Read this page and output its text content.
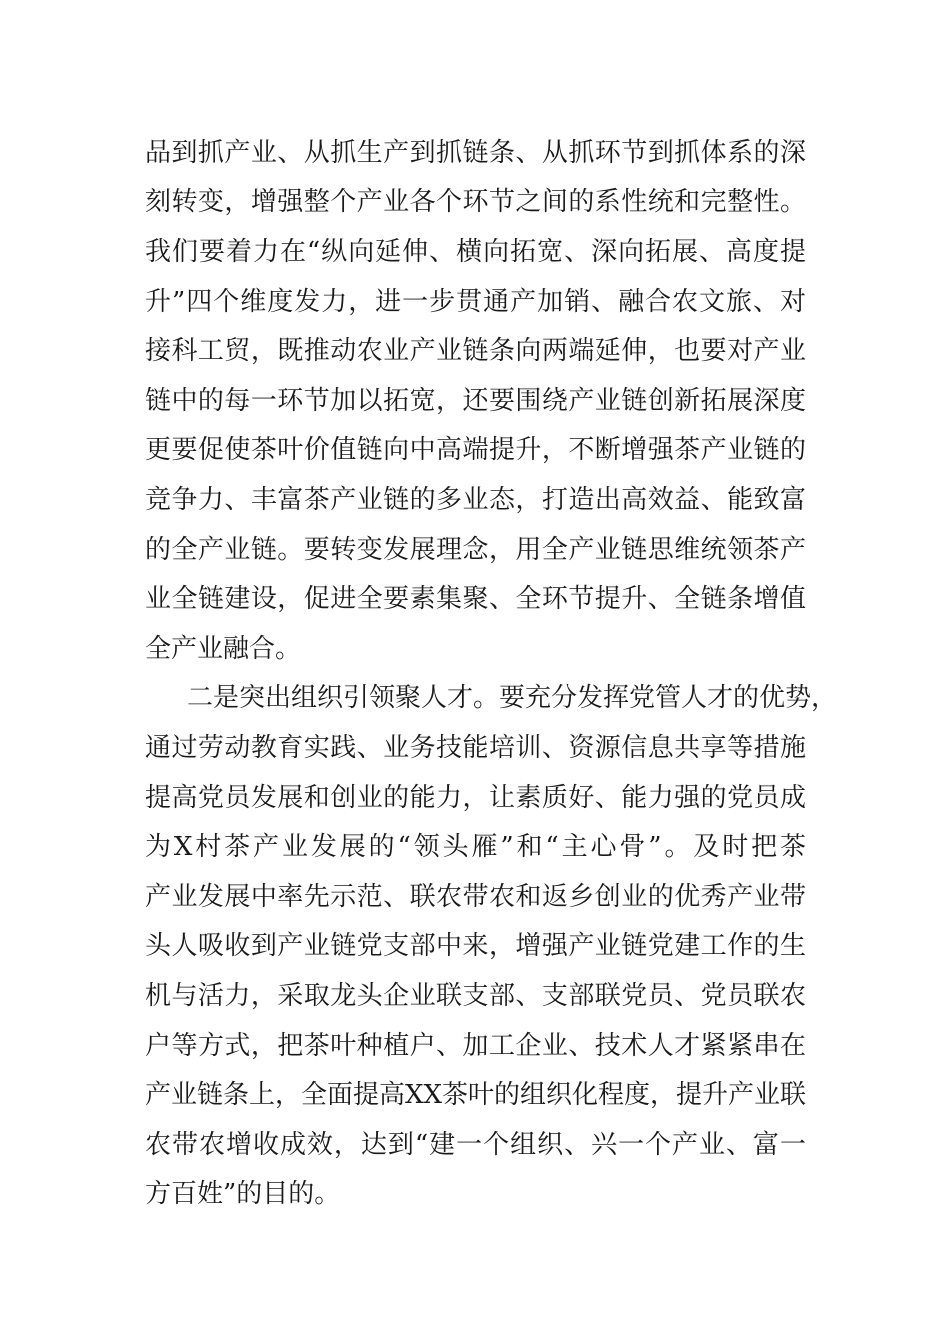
品到抓产业、从抓生产到抓链条、从抓环节到抓体系的深
刻转变，增强整个产业各个环节之间的系性统和完整性。
我们要着力在“纵向延伸、横向拓宽、深向拓展、高度提
升”四个维度发力，进一步贯通产加销、融合农文旅、对
接科工贸，既推动农业产业链条向两端延伸，也要对产业
链中的每一环节加以拓宽，还要围绕产业链创新拓展深度
更要促使茶叶价值链向中高端提升，不断增强茶产业链的
竞争力、丰富茶产业链的多业态，打造出高效益、能致富
的全产业链。要转变发展理念，用全产业链思维统领茶产
业全链建设，促进全要素集聚、全环节提升、全链条增值
全产业融合。
二是突出组织引领聚人才。要充分发挥党管人才的优势，
通过劳动教育实践、业务技能培训、资源信息共享等措施
提高党员发展和创业的能力，让素质好、能力强的党员成
为X村茶产业发展的“领头雁”和“主心骨”。及时把茶
产业发展中率先示范、联农带农和返乡创业的优秀产业带
头人吸收到产业链党支部中来，增强产业链党建工作的生
机与活力，采取龙头企业联支部、支部联党员、党员联农
户等方式，把茶叶种植户、加工企业、技术人才紧紧串在
产业链条上，全面提高XX茶叶的组织化程度，提升产业联
农带农增收成效，达到“建一个组织、兴一个产业、富一
方百姓”的目的。
